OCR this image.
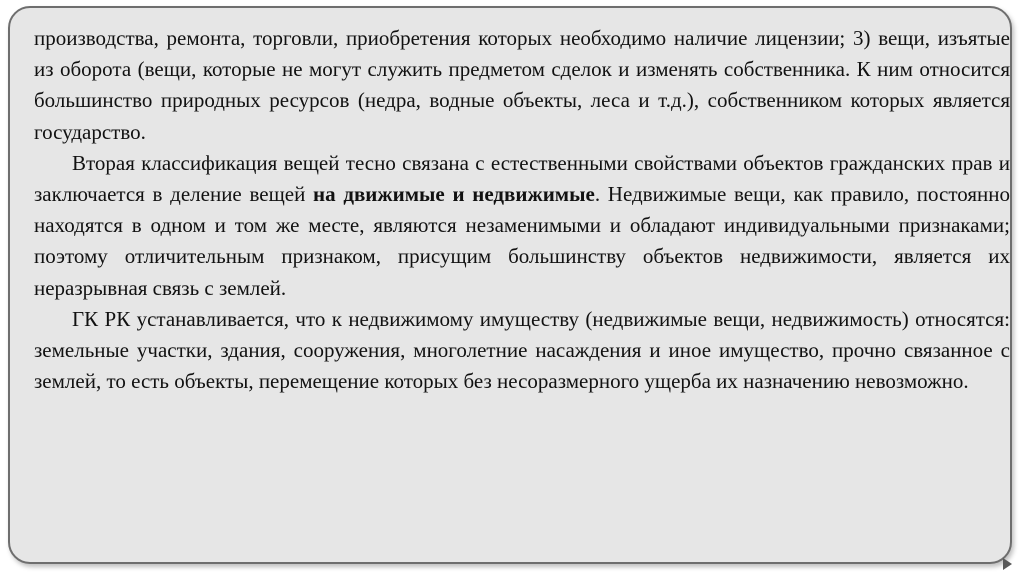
производства, ремонта, торговли, приобретения которых необходимо наличие лицензии; 3) вещи, изъятые из оборота (вещи, которые не могут служить предметом сделок и изменять собственника. К ним относится большинство природных ресурсов (недра, водные объекты, леса и т.д.), собственником которых является государство.

Вторая классификация вещей тесно связана с естественными свойствами объектов гражданских прав и заключается в деление вещей на движимые и недвижимые. Недвижимые вещи, как правило, постоянно находятся в одном и том же месте, являются незаменимыми и обладают индивидуальными признаками; поэтому отличительным признаком, присущим большинству объектов недвижимости, является их неразрывная связь с землей.

ГК РК устанавливается, что к недвижимому имуществу (недвижимые вещи, недвижимость) относятся: земельные участки, здания, сооружения, многолетние насаждения и иное имущество, прочно связанное с землей, то есть объекты, перемещение которых без несоразмерного ущерба их назначению невозможно.
